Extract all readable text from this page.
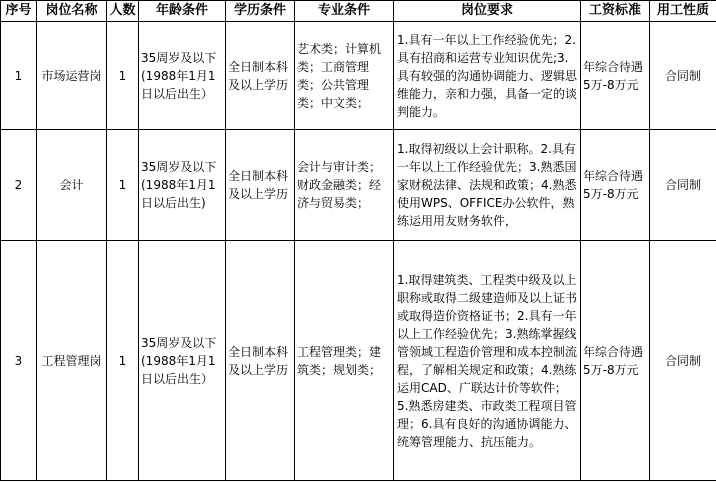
序号	岗位名称	人数	年龄条件	学历条件	专业条件	岗位要求	工资标准	用工性质
1	市场运营岗	1	35周岁及以下(1988年1月1日以后出生）	全日制本科及以上学历	艺术类；计算机类；工商管理类；公共管理类；中文类；	1.具有一年以上工作经验优先；2.具有招商和运营专业知识优先;3.具有较强的沟通协调能力、逻辑思维能力，亲和力强，具备一定的谈判能力。	年综合待遇5万-8万元	合同制
2	会计	1	35周岁及以下(1988年1月1日以后出生)	全日制本科及以上学历	会计与审计类；财政金融类；经济与贸易类；	1.取得初级以上会计职称。2.具有一年以上工作经验优先；3.熟悉国家财税法律、法规和政策；4.熟悉使用WPS、OFFICE办公软件，熟练运用用友财务软件，	年综合待遇5万-8万元	合同制
3	工程管理岗	1	35周岁及以下(1988年1月1日以后出生）	全日制本科及以上学历	工程管理类；建筑类；规划类；	1.取得建筑类、工程类中级及以上职称或取得二级建造师及以上证书或取得造价资格证书；2.具有一年以上工作经验优先；3.熟练掌握线管领域工程造价管理和成本控制流程，了解相关规定和政策；4.熟练运用CAD、广联达计价等软件；5.熟悉房建类、市政类工程项目管理；6.具有良好的沟通协调能力、统筹管理能力、抗压能力。	年综合待遇5万-8万元	合同制
